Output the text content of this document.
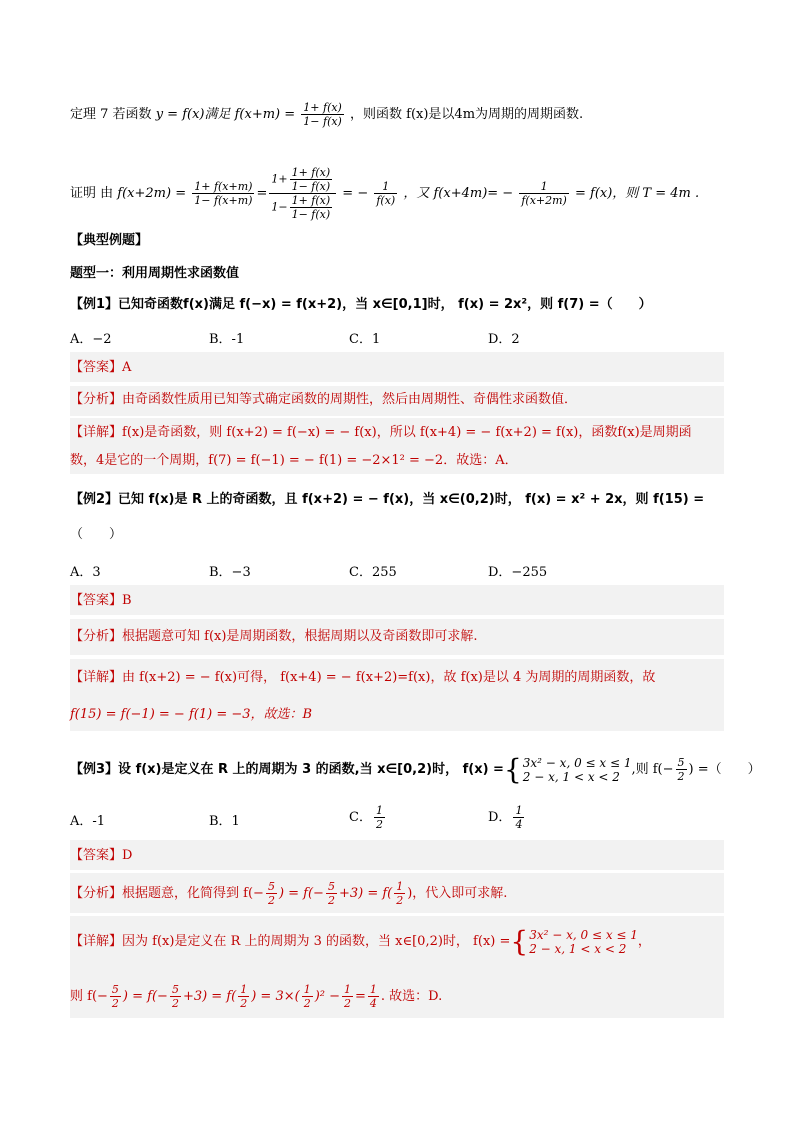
定理 7 若函数 y = f(x)满足 $f(x+m) = \frac{1+ f(x)}{1- f(x)}$ ，则函数 f(x)是以4m为周期的周期函数.
证明 由 $f(x+2m) = \frac{1+ f(x+m)}{1- f(x+m)} = \frac{1+ \frac{1+ f(x)}{1- f(x)}}{1- \frac{1+ f(x)}{1- f(x)}}$ = − $\frac{1}{f(x)}$ ，又 $f(x+4m)= - \frac{1}{f(x+2m)} = f(x)$，则 T = 4m .
【典型例题】
题型一：利用周期性求函数值
【例1】已知奇函数f(x)满足 f(−x) = f(x+2)，当 x∈[0,1]时， f(x) = 2x²，则 f(7) =（　　）
A．−2	B．-1	C．1	D．2
【答案】A
【分析】由奇函数性质用已知等式确定函数的周期性，然后由周期性、奇偶性求函数值．
【详解】f(x)是奇函数，则 f(x+2) = f(−x) = − f(x)，所以 f(x+4) = − f(x+2) = f(x)，函数f(x)是周期函
数，4是它的一个周期，f(7) = f(−1) = − f(1) = −2×1² = −2．故选：A．
【例2】已知 f(x)是 R 上的奇函数，且 f(x+2) = − f(x)，当 x∈(0,2)时， f(x) = x² + 2x，则 f(15) =
（　　）
A．3	B．−3	C．255	D．−255
【答案】B
【分析】根据题意可知 f(x)是周期函数，根据周期以及奇函数即可求解.
【详解】由 f(x+2) = − f(x)可得， f(x+4) = − f(x+2)=f(x)，故 f(x)是以 4 为周期的周期函数，故
f(15) = f(−1) = − f(1) = −3，故选：B
【例3】设 f(x)是定义在 R 上的周期为 3 的函数,当 x∈[0,2)时， f(x) ={ 3x² − x, 0 ≤ x ≤ 1
2 − x, 1 < x < 2 ,则 $f(- \frac{5}{2}$ ) =（　　）
A．-1	B．1	C． $\frac{1}{2}$	D． $\frac{1}{4}$
【答案】D
【分析】根据题意，化简得到 $f(- \frac{5}{2}$ ) = $f(- \frac{5}{2} +3) = f( \frac{1}{2}$ )，代入即可求解.
【详解】因为 f(x)是定义在 R 上的周期为 3 的函数，当 x∈[0,2)时， f(x) ={ 3x² − x, 0 ≤ x ≤ 1
2 − x, 1 < x < 2 ，
则 $f(- \frac{5}{2}$ ) = $f(- \frac{5}{2} +3) = f( \frac{1}{2}$ ) = $3\times( \frac{1}{2} )^2 - \frac{1}{2} = \frac{1}{4}$ . 故选：D.
